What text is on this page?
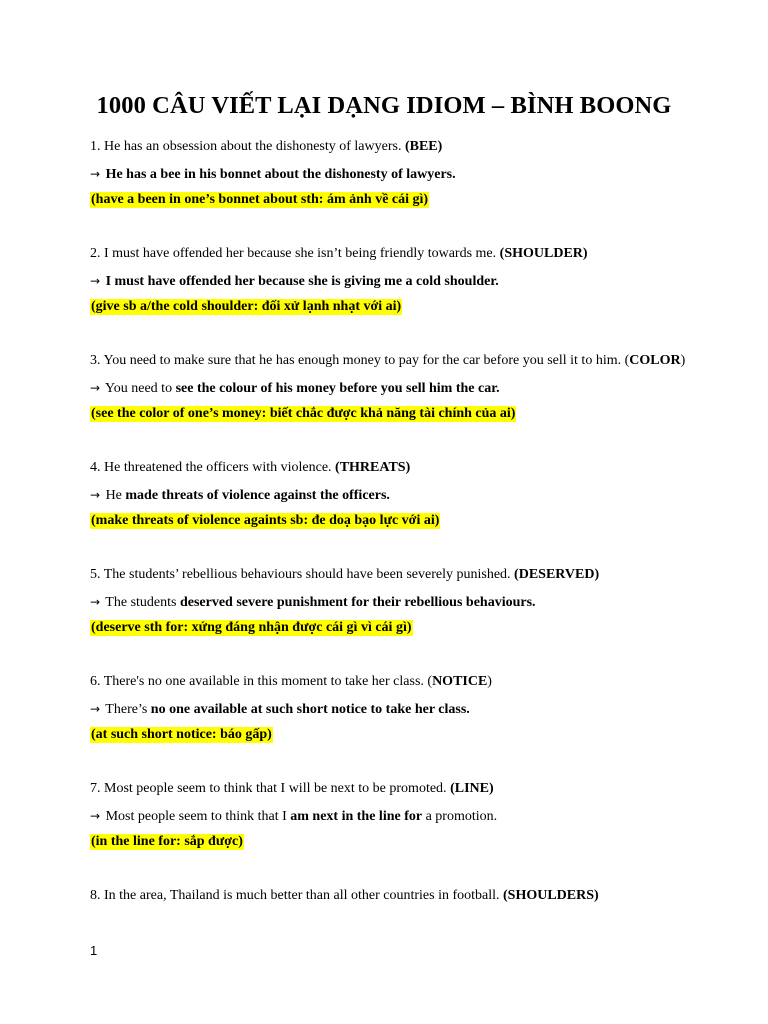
1000 CÂU VIẾT LẠI DẠNG IDIOM – BÌNH BOONG
1. He has an obsession about the dishonesty of lawyers. (BEE)
→ He has a bee in his bonnet about the dishonesty of lawyers.
(have a been in one’s bonnet about sth: ám ảnh về cái gì)
2. I must have offended her because she isn’t being friendly towards me. (SHOULDER)
→ I must have offended her because she is giving me a cold shoulder.
(give sb a/the cold shoulder: đối xử lạnh nhạt với ai)
3. You need to make sure that he has enough money to pay for the car before you sell it to him. (COLOR)
→ You need to see the colour of his money before you sell him the car.
(see the color of one’s money: biết chắc được khả năng tài chính của ai)
4. He threatened the officers with violence. (THREATS)
→ He made threats of violence against the officers.
(make threats of violence againts sb: đe doạ bạo lực với ai)
5. The students’ rebellious behaviours should have been severely punished. (DESERVED)
→ The students deserved severe punishment for their rebellious behaviours.
(deserve sth for: xứng đáng nhận được cái gì vì cái gì)
6. There's no one available in this moment to take her class. (NOTICE)
→ There’s no one available at such short notice to take her class.
(at such short notice: báo gấp)
7. Most people seem to think that I will be next to be promoted. (LINE)
→ Most people seem to think that I am next in the line for a promotion.
(in the line for: sắp được)
8. In the area, Thailand is much better than all other countries in football. (SHOULDERS)
1
